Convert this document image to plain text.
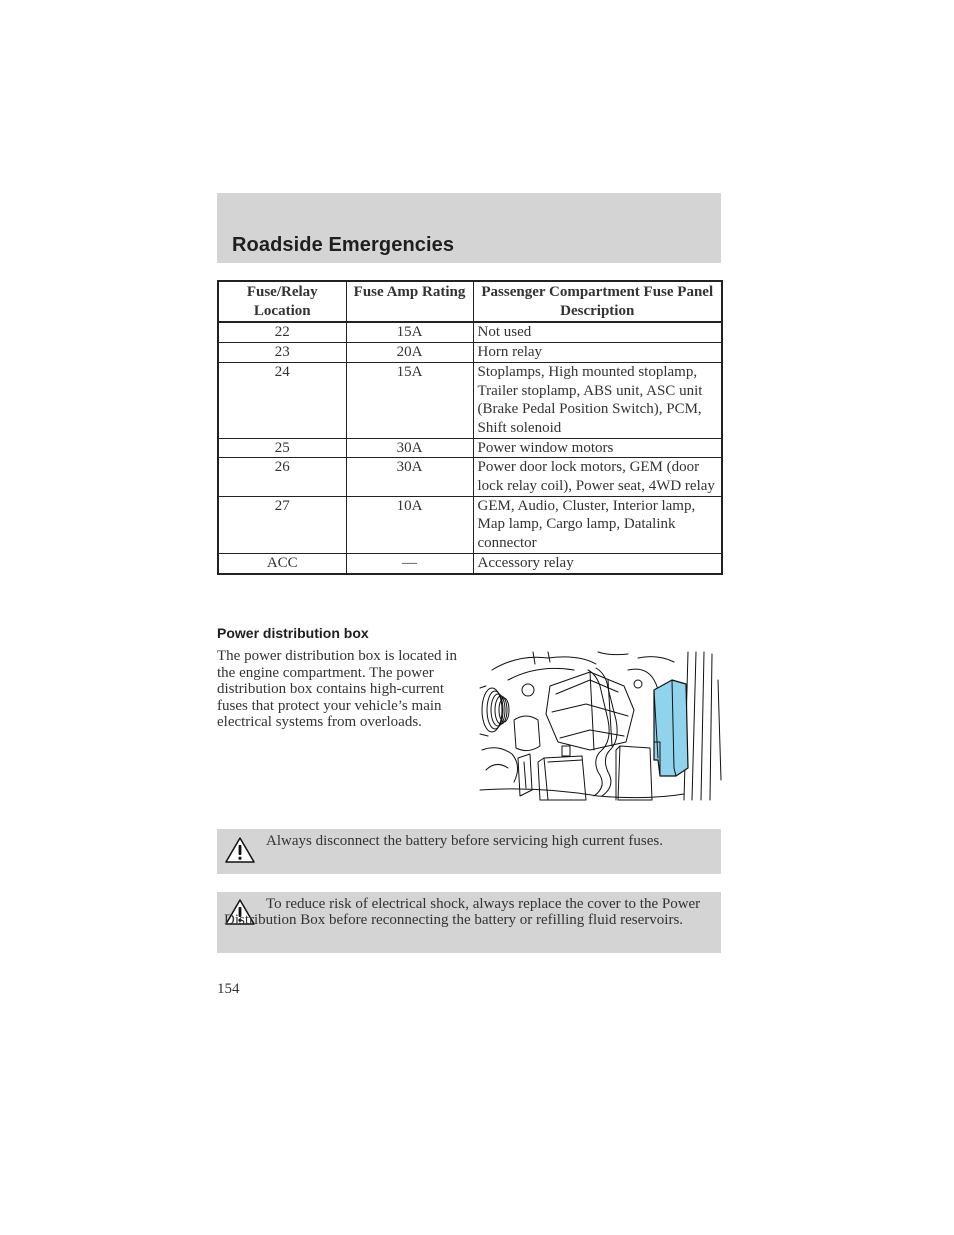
Roadside Emergencies
Fuse/Relay Location	Fuse Amp Rating	Passenger Compartment Fuse Panel Description
22	15A	Not used
23	20A	Horn relay
24	15A	Stoplamps, High mounted stoplamp, Trailer stoplamp, ABS unit, ASC unit (Brake Pedal Position Switch), PCM, Shift solenoid
25	30A	Power window motors
26	30A	Power door lock motors, GEM (door lock relay coil), Power seat, 4WD relay
27	10A	GEM, Audio, Cluster, Interior lamp, Map lamp, Cargo lamp, Datalink connector
ACC	—	Accessory relay
Power distribution box

The power distribution box is located in the engine compartment. The power distribution box contains high-current fuses that protect your vehicle’s main electrical systems from overloads.

Always disconnect the battery before servicing high current fuses.

To reduce risk of electrical shock, always replace the cover to the Power Distribution Box before reconnecting the battery or refilling fluid reservoirs.

154
